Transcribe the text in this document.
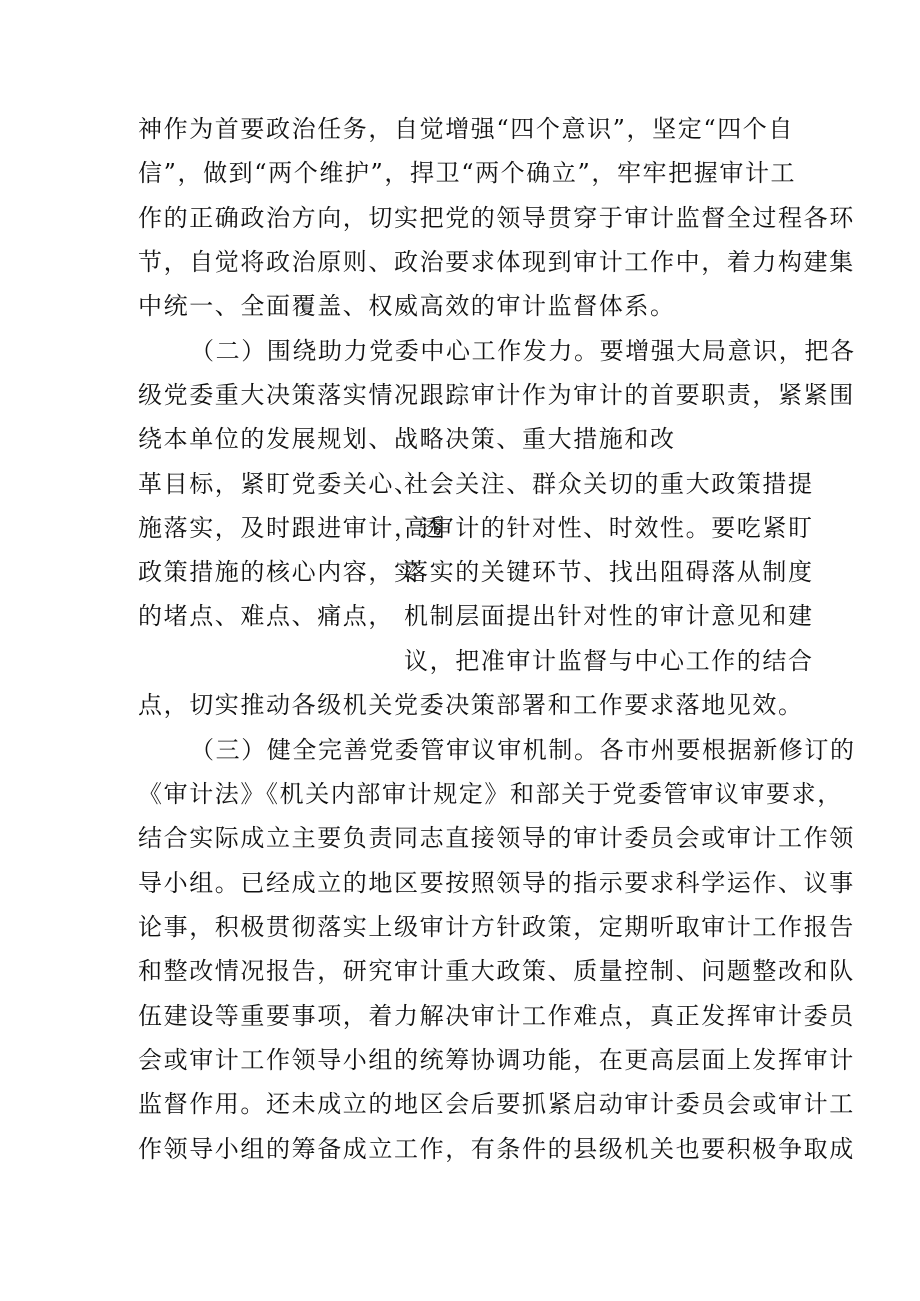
神作为首要政治任务，自觉增强“四个意识”，坚定“四个自
信”，做到“两个维护”，捍卫“两个确立”，牢牢把握审计工
作的正确政治方向，切实把党的领导贯穿于审计监督全过程各环
节，自觉将政治原则、政治要求体现到审计工作中，着力构建集
中统一、全面覆盖、权威高效的审计监督体系。
（二）围绕助力党委中心工作发力。要增强大局意识，把各
级党委重大决策落实情况跟踪审计作为审计的首要职责，紧紧围
绕本单位的发展规划、战略决策、重大措施和改
革目标，紧盯党委关心、
施落实，及时跟进审计，透
政策措施的核心内容，实
的堵点、难点、痛点，
社会关注、群众关切的重大政策措提
高审计的针对性、时效性。要吃紧盯
落实的关键环节、找出阻碍落从制度
机制层面提出针对性的审计意见和建
议，把准审计监督与中心工作的结合
点，切实推动各级机关党委决策部署和工作要求落地见效。
（三）健全完善党委管审议审机制。各市州要根据新修订的
《审计法》《机关内部审计规定》和部关于党委管审议审要求，
结合实际成立主要负责同志直接领导的审计委员会或审计工作领
导小组。已经成立的地区要按照领导的指示要求科学运作、议事
论事，积极贯彻落实上级审计方针政策，定期听取审计工作报告
和整改情况报告，研究审计重大政策、质量控制、问题整改和队
伍建设等重要事项，着力解决审计工作难点，真正发挥审计委员
会或审计工作领导小组的统筹协调功能，在更高层面上发挥审计
监督作用。还未成立的地区会后要抓紧启动审计委员会或审计工
作领导小组的筹备成立工作，有条件的县级机关也要积极争取成
